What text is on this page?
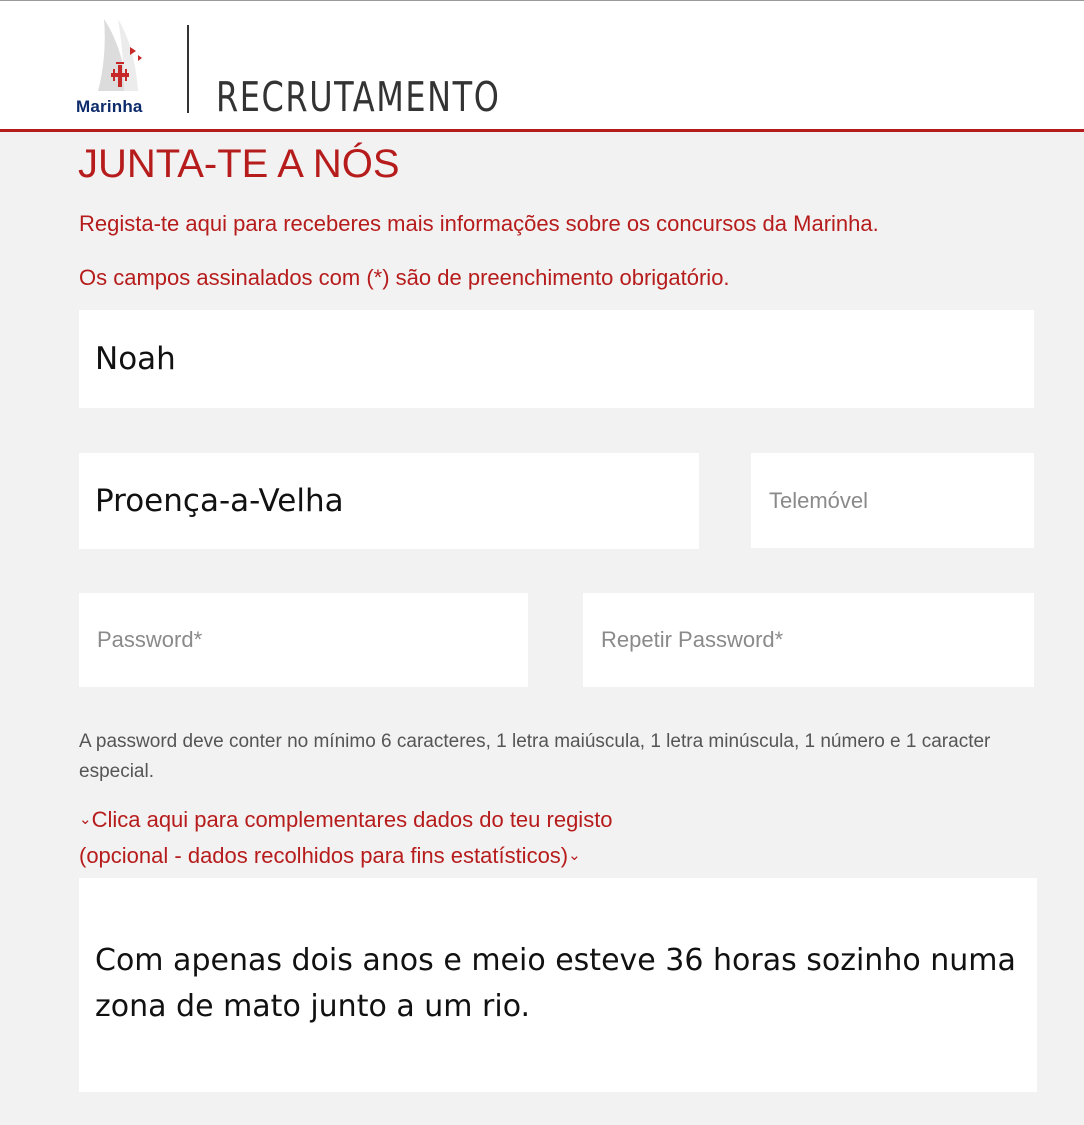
Marinha	RECRUTAMENTO
JUNTA-TE A NÓS

Regista-te aqui para receberes mais informações sobre os concursos da Marinha.

Os campos assinalados com (*) são de preenchimento obrigatório.

Noah
Proença-a-Velha	Telemóvel
Password*	Repetir Password*

A password deve conter no mínimo 6 caracteres, 1 letra maiúscula, 1 letra minúscula, 1 número e 1 caracter especial.

⌄Clica aqui para complementares dados do teu registo
(opcional - dados recolhidos para fins estatísticos)⌄
Com apenas dois anos e meio esteve 36 horas sozinho numa zona de mato junto a um rio.
